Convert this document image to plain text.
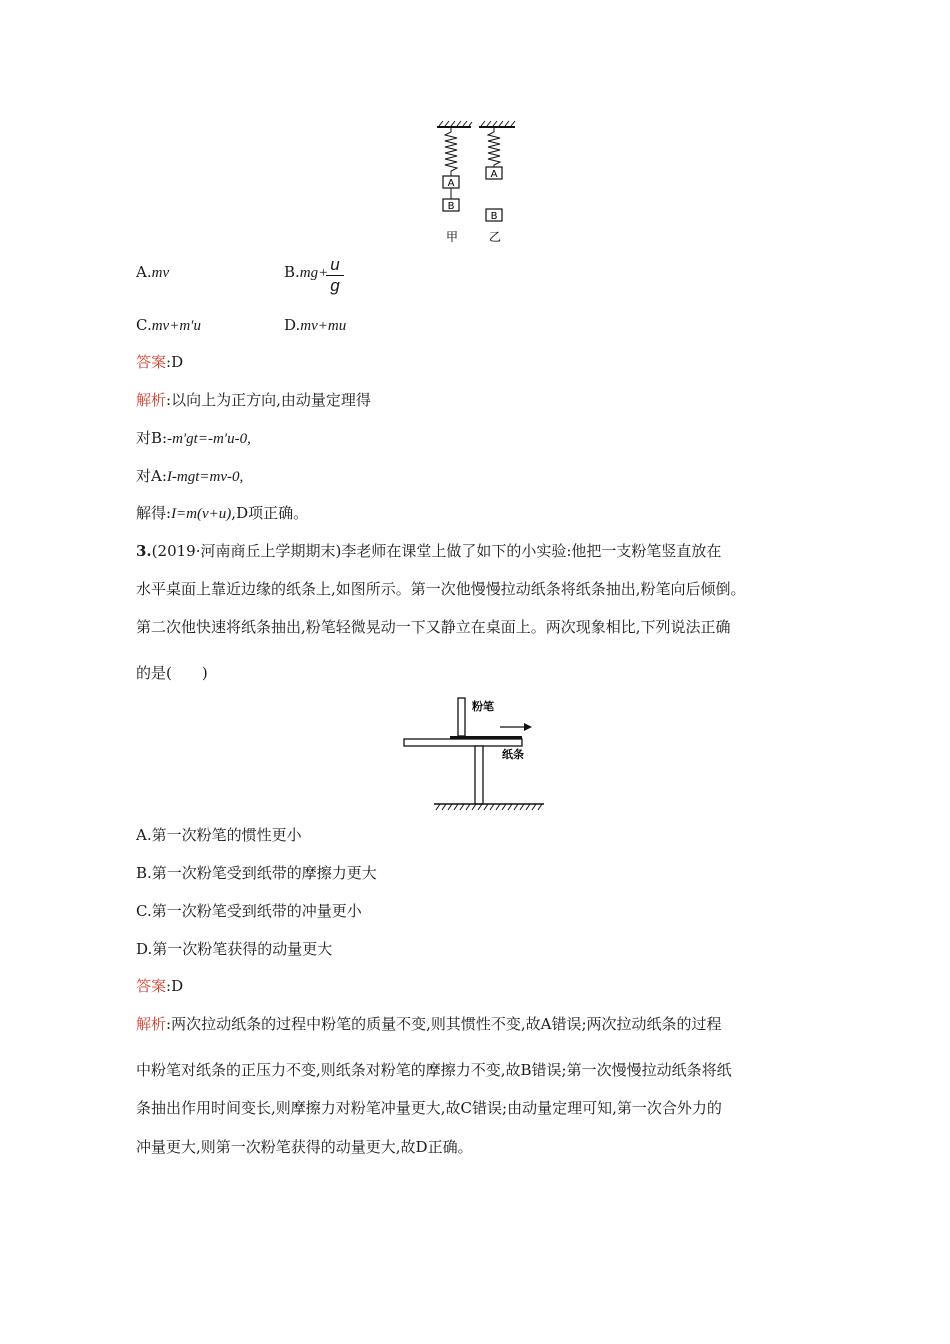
A
B
A
B
甲	乙
A.mv	B.mg+ u
g
C.mv+m′u	D.mv+mu
答案:D
解析:以向上为正方向,由动量定理得
对B:-m′gt=-m′u-0,
对A:I-mgt=mv-0,
解得:I=m(v+u),D项正确。
3.(2019·河南商丘上学期期末)李老师在课堂上做了如下的小实验:他把一支粉笔竖直放在
水平桌面上靠近边缘的纸条上,如图所示。第一次他慢慢拉动纸条将纸条抽出,粉笔向后倾倒。
第二次他快速将纸条抽出,粉笔轻微晃动一下又静立在桌面上。两次现象相比,下列说法正确
的是(　　)
粉笔
纸条
A.第一次粉笔的惯性更小
B.第一次粉笔受到纸带的摩擦力更大
C.第一次粉笔受到纸带的冲量更小
D.第一次粉笔获得的动量更大
答案:D
解析:两次拉动纸条的过程中粉笔的质量不变,则其惯性不变,故A错误;两次拉动纸条的过程
中粉笔对纸条的正压力不变,则纸条对粉笔的摩擦力不变,故B错误;第一次慢慢拉动纸条将纸
条抽出作用时间变长,则摩擦力对粉笔冲量更大,故C错误;由动量定理可知,第一次合外力的
冲量更大,则第一次粉笔获得的动量更大,故D正确。
